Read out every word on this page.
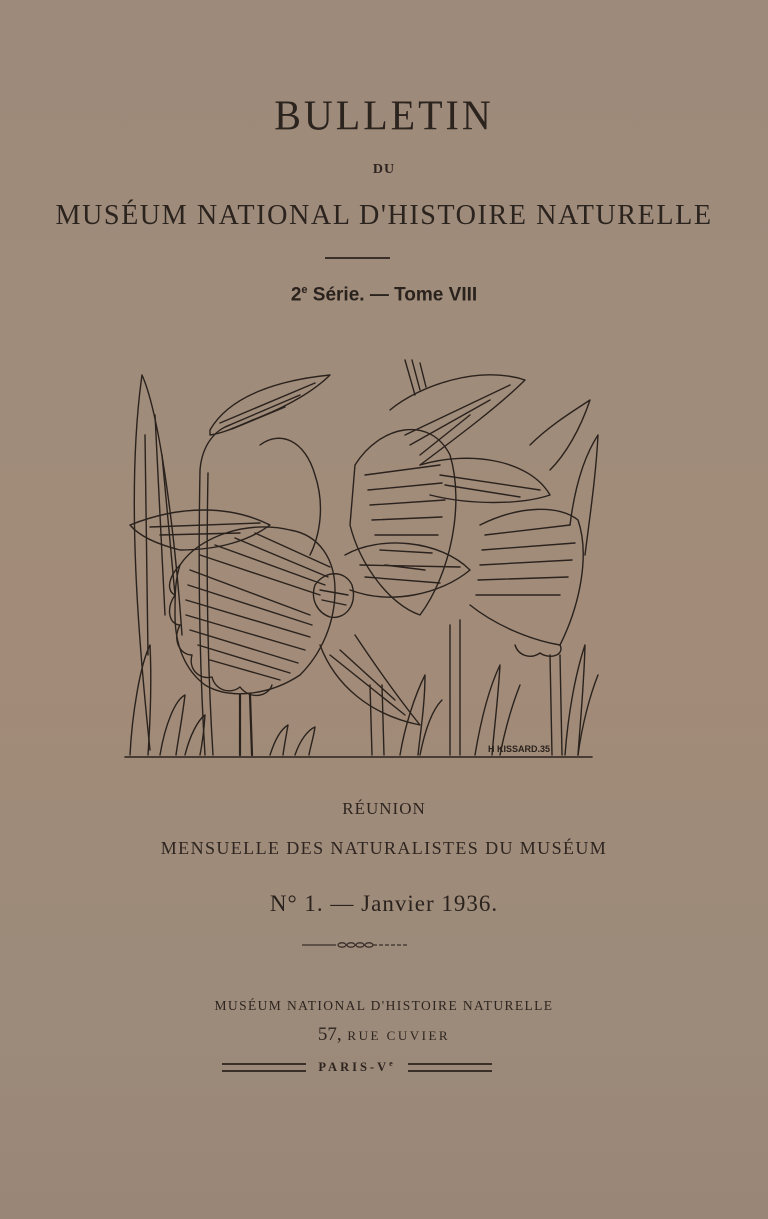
BULLETIN
DU
MUSÉUM NATIONAL D'HISTOIRE NATURELLE
2e Série. — Tome VIII
H KISSARD.35
RÉUNION
MENSUELLE DES NATURALISTES DU MUSÉUM
N° 1. — Janvier 1936.
MUSÉUM NATIONAL D'HISTOIRE NATURELLE
57, RUE CUVIER
PARIS-Ve
